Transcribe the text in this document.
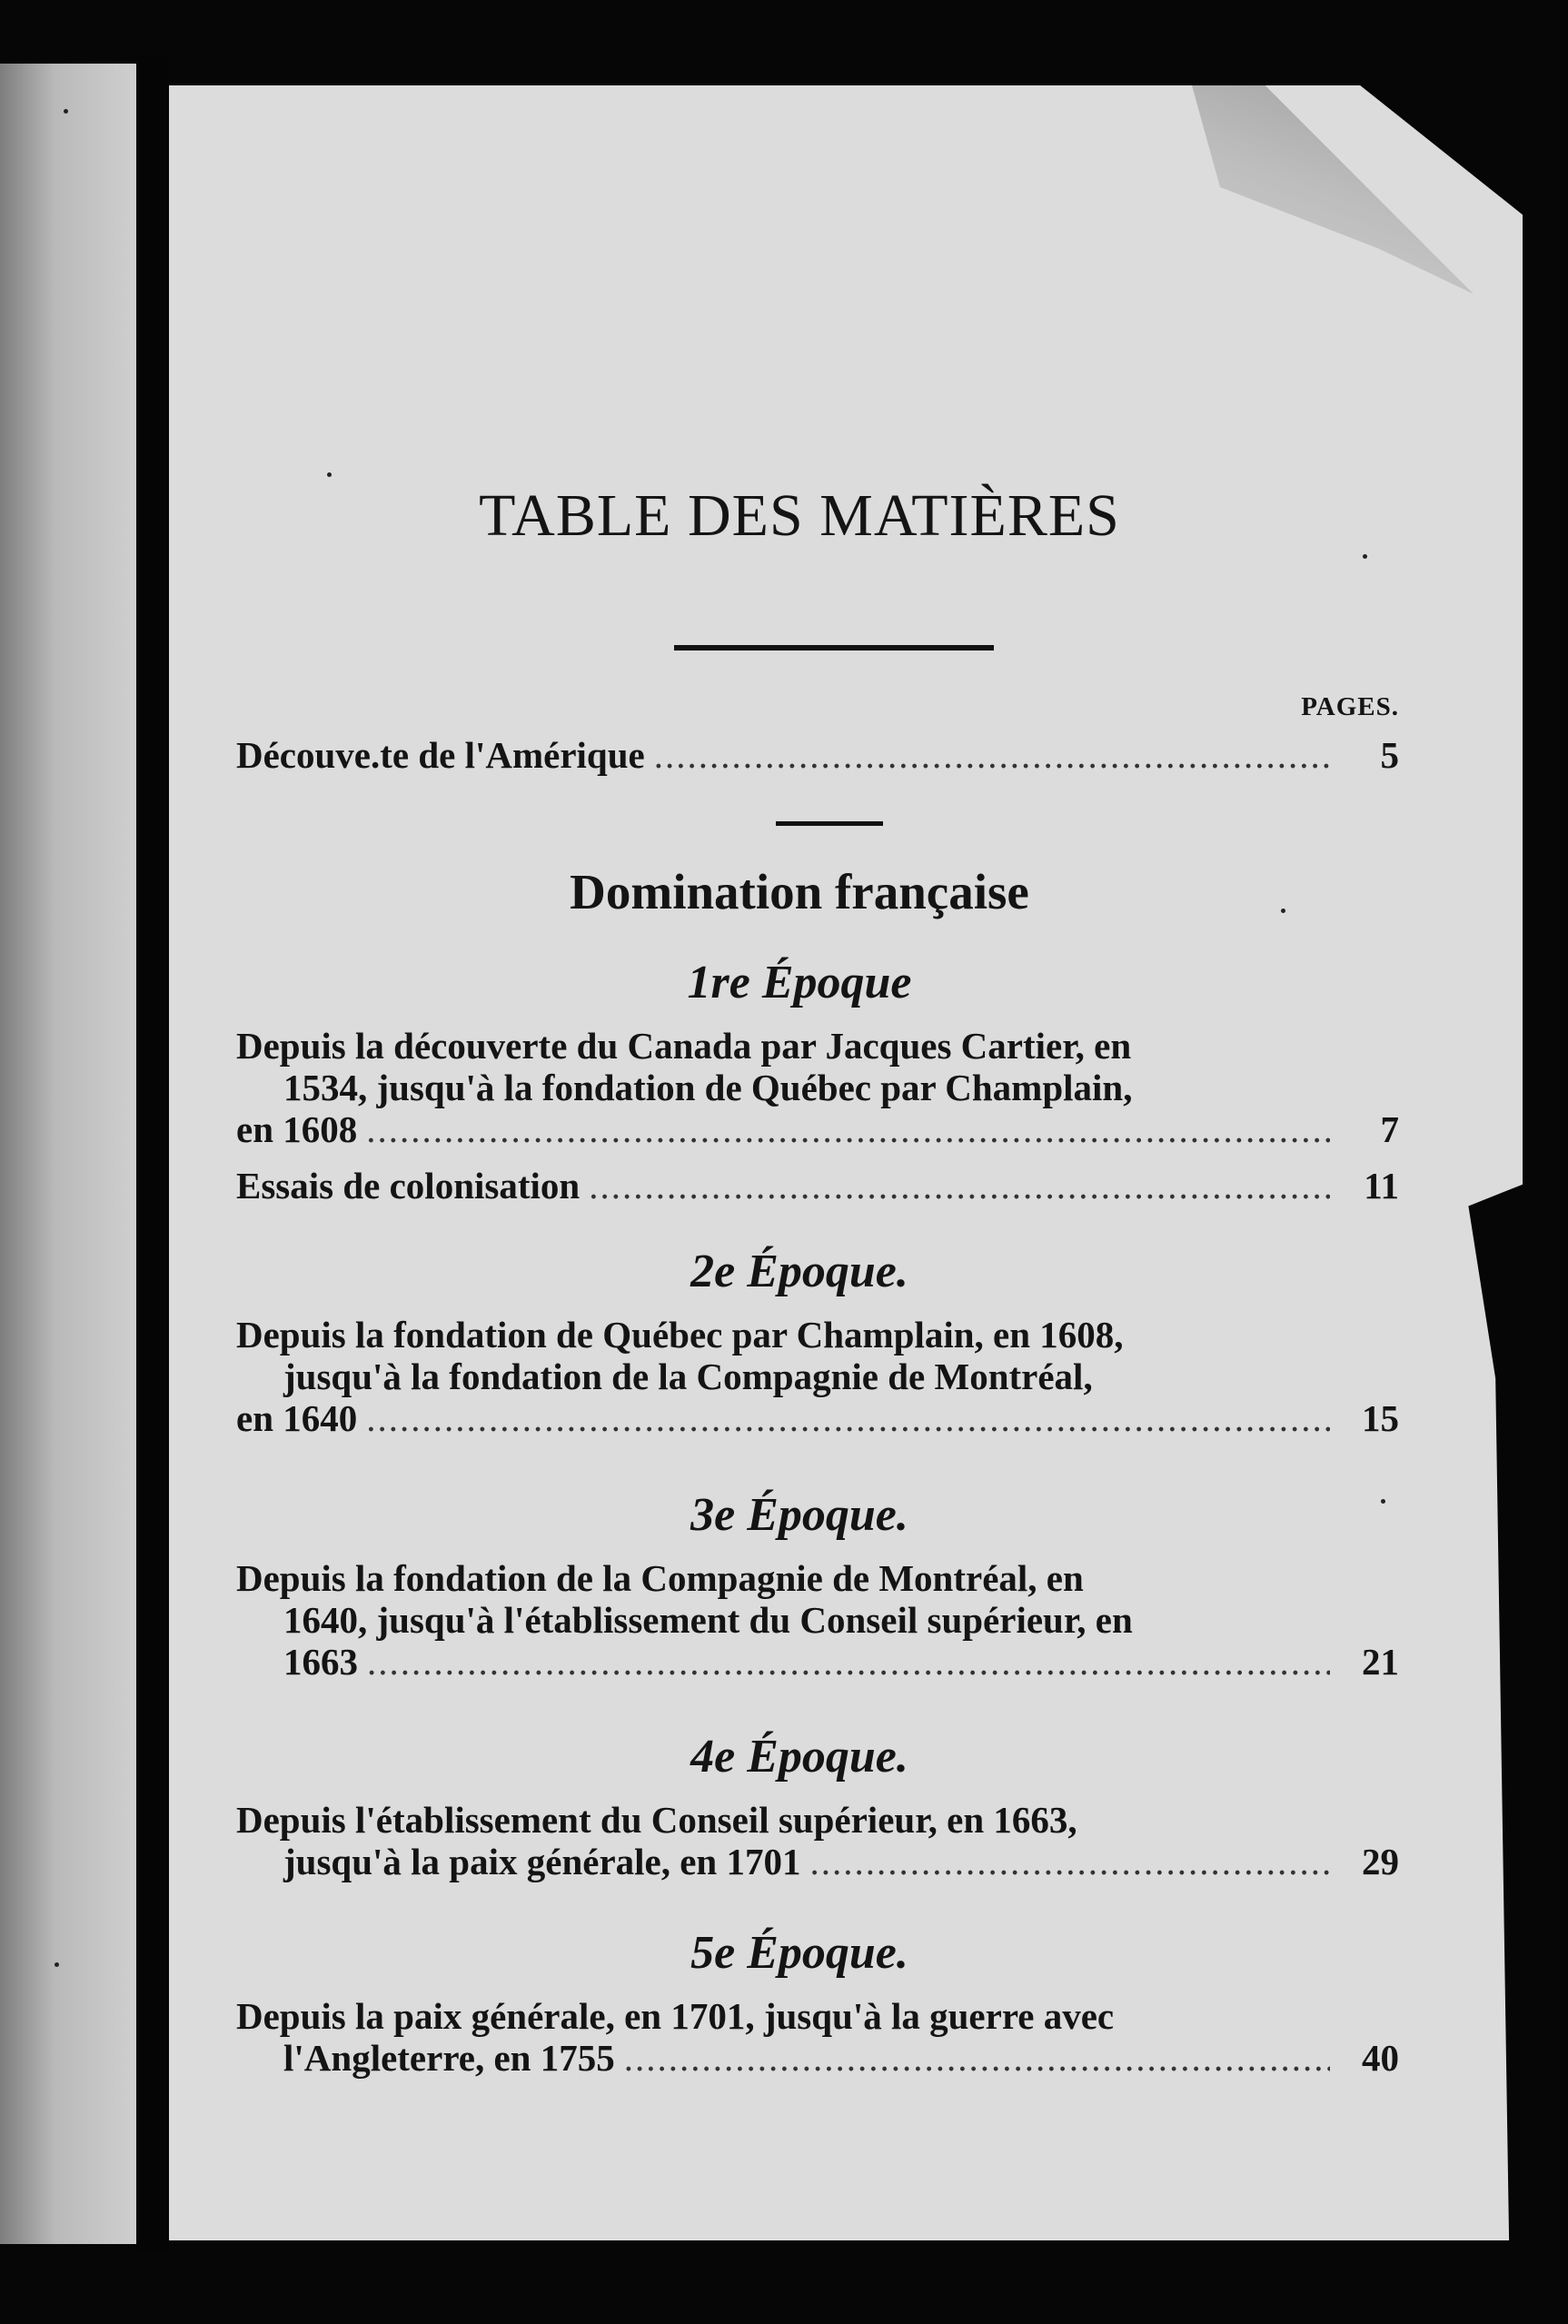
TABLE DES MATIÈRES
PAGES.
Découve.te de l'Amérique .....	5
Domination française
1re Époque
Depuis la découverte du Canada par Jacques Cartier, en
1534, jusqu'à la fondation de Québec par Champlain,
en 1608 .....	7
Essais de colonisation .....	11
2e Époque.
Depuis la fondation de Québec par Champlain, en 1608,
jusqu'à la fondation de la Compagnie de Montréal,
en 1640 .....	15
3e Époque.
Depuis la fondation de la Compagnie de Montréal, en
1640, jusqu'à l'établissement du Conseil supérieur, en
1663 .....	21
4e Époque.
Depuis l'établissement du Conseil supérieur, en 1663,
jusqu'à la paix générale, en 1701 .....	29
5e Époque.
Depuis la paix générale, en 1701, jusqu'à la guerre avec
l'Angleterre, en 1755 .....	40
